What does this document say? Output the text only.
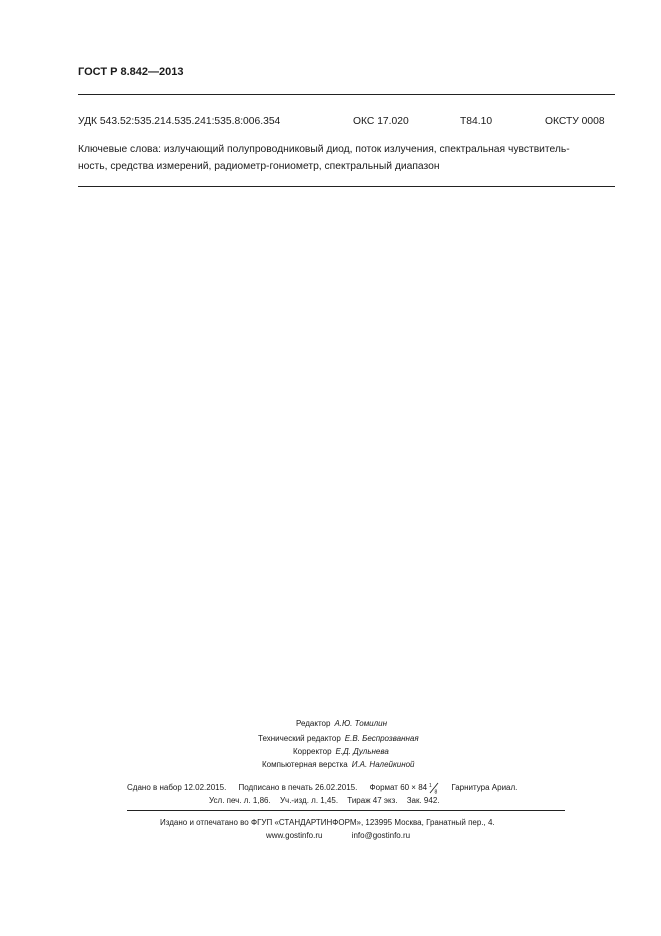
ГОСТ Р 8.842—2013
УДК 543.52:535.214.535.241:535.8:006.354	ОКС 17.020	Т84.10	ОКСТУ 0008
Ключевые слова: излучающий полупроводниковый диод, поток излучения, спектральная чувствитель-
ность, средства измерений, радиометр-гониометр, спектральный диапазон
Редактор А.Ю. Томилин
Технический редактор Е.В. Беспрозванная
Корректор Е.Д. Дульнева
Компьютерная верстка И.А. Налейкиной
Сдано в набор 12.02.2015. Подписано в печать 26.02.2015. Формат 60 × 84 1
8
Гарнитура Ариал.
Усл. печ. л. 1,86. Уч.-изд. л. 1,45. Тираж 47 экз. Зак. 942.
Издано и отпечатано во ФГУП «СТАНДАРТИНФОРМ», 123995 Москва, Гранатный пер., 4.
www.gostinfo.ru	info@gostinfo.ru
